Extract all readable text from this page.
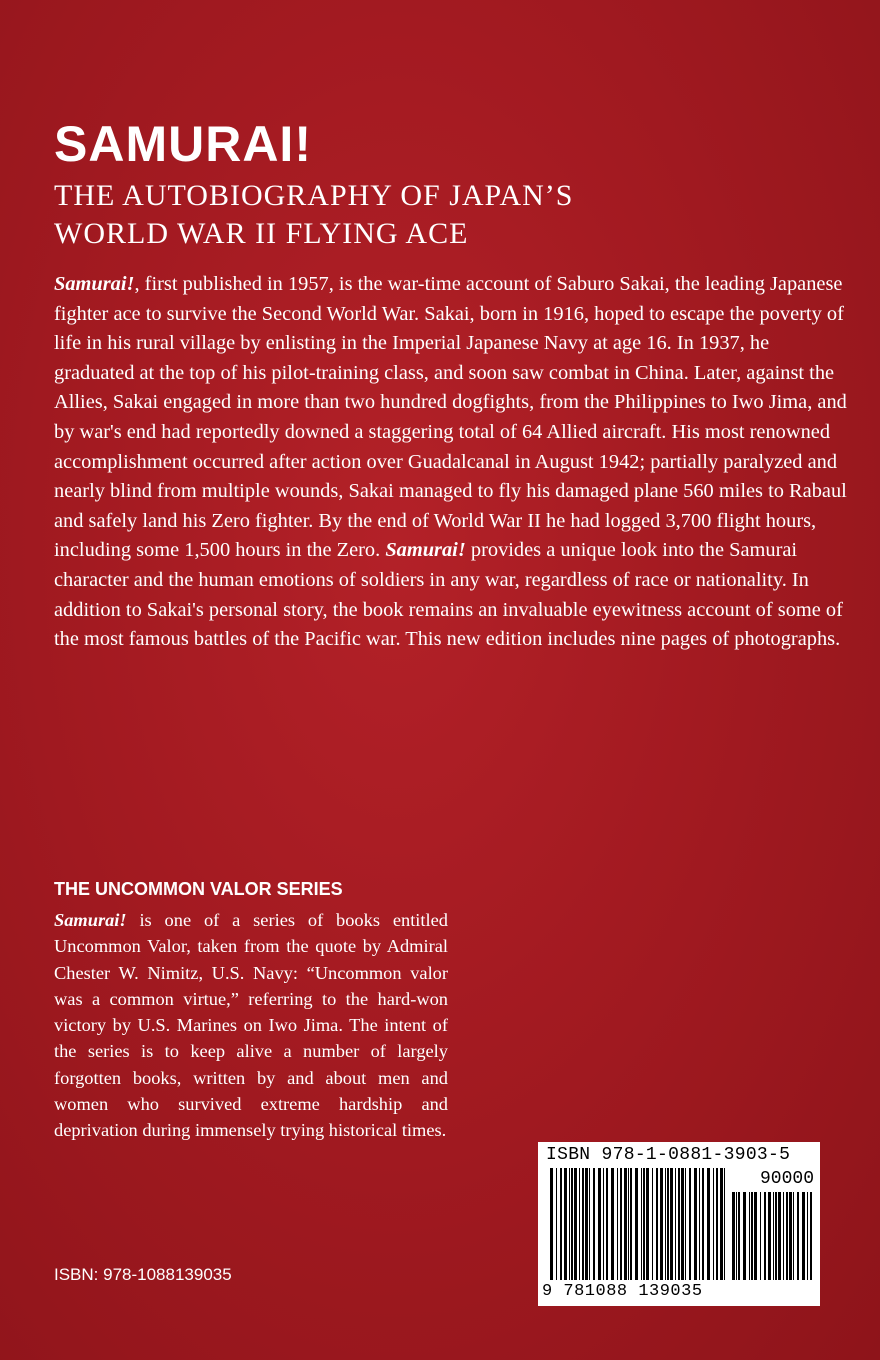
SAMURAI!
THE AUTOBIOGRAPHY OF JAPAN’S
WORLD WAR II FLYING ACE

Samurai!, first published in 1957, is the war-time account of Saburo Sakai, the leading Japanese fighter ace to survive the Second World War. Sakai, born in 1916, hoped to escape the poverty of life in his rural village by enlisting in the Imperial Japanese Navy at age 16. In 1937, he graduated at the top of his pilot-training class, and soon saw combat in China. Later, against the Allies, Sakai engaged in more than two hundred dogfights, from the Philippines to Iwo Jima, and by war's end had reportedly downed a staggering total of 64 Allied aircraft. His most renowned accomplishment occurred after action over Guadalcanal in August 1942; partially paralyzed and nearly blind from multiple wounds, Sakai managed to fly his damaged plane 560 miles to Rabaul and safely land his Zero fighter. By the end of World War II he had logged 3,700 flight hours, including some 1,500 hours in the Zero. Samurai! provides a unique look into the Samurai character and the human emotions of soldiers in any war, regardless of race or nationality. In addition to Sakai's personal story, the book remains an invaluable eyewitness account of some of the most famous battles of the Pacific war. This new edition includes nine pages of photographs.

THE UNCOMMON VALOR SERIES

Samurai! is one of a series of books entitled Uncommon Valor, taken from the quote by Admiral Chester W. Nimitz, U.S. Navy: “Uncommon valor was a common virtue,” referring to the hard-won victory by U.S. Marines on Iwo Jima. The intent of the series is to keep alive a number of largely forgotten books, written by and about men and women who survived extreme hardship and deprivation during immensely trying historical times.

ISBN: 978-1088139035
ISBN 978-1-0881-3903-5
90000
9 781088 139035
